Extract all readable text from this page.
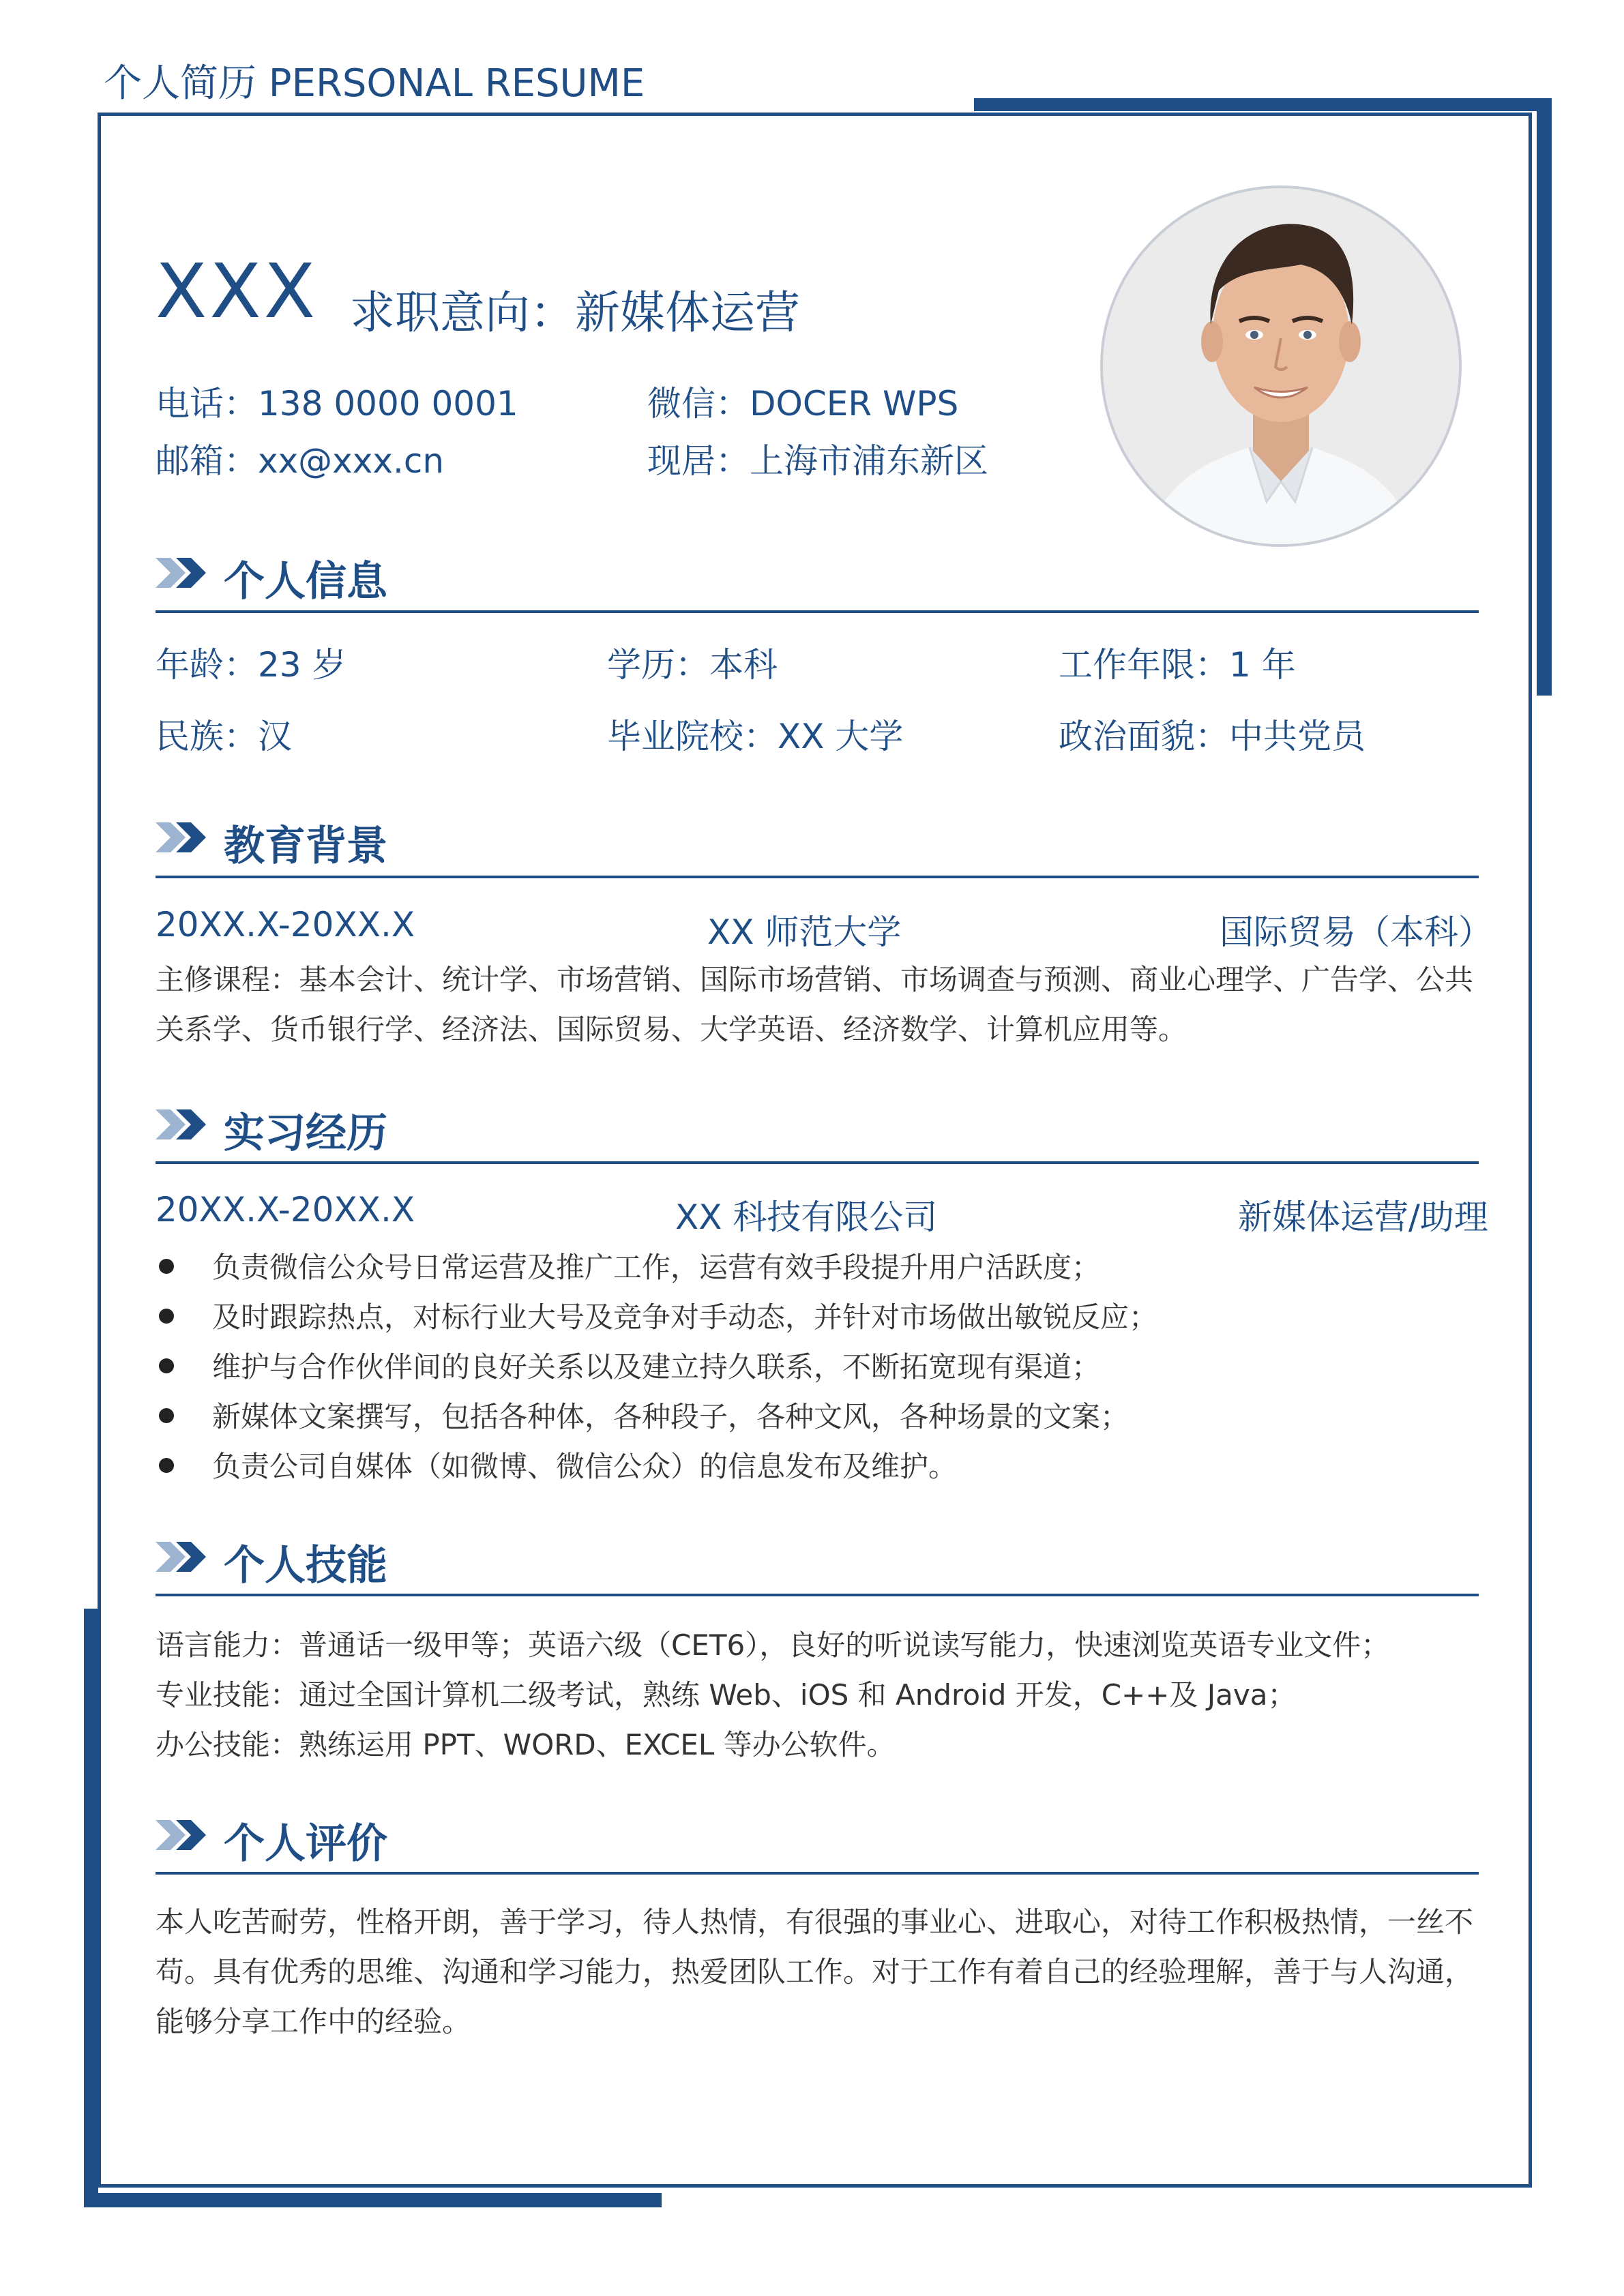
个人简历 PERSONAL RESUME
XXX 求职意向：新媒体运营
电话：138 0000 0001	微信：DOCER WPS
邮箱：xx@xxx.cn	现居：上海市浦东新区
个人信息
年龄：23 岁	学历：本科	工作年限：1 年
民族：汉	毕业院校：XX 大学	政治面貌：中共党员
教育背景
20XX.X-20XX.X	XX 师范大学	国际贸易（本科）
主修课程：基本会计、统计学、市场营销、国际市场营销、市场调查与预测、商业心理学、广告学、公共关系学、货币银行学、经济法、国际贸易、大学英语、经济数学、计算机应用等。
实习经历
20XX.X-20XX.X	XX 科技有限公司	新媒体运营/助理
负责微信公众号日常运营及推广工作，运营有效手段提升用户活跃度；
及时跟踪热点，对标行业大号及竞争对手动态，并针对市场做出敏锐反应；
维护与合作伙伴间的良好关系以及建立持久联系，不断拓宽现有渠道；
新媒体文案撰写，包括各种体，各种段子，各种文风，各种场景的文案；
负责公司自媒体（如微博、微信公众）的信息发布及维护。
个人技能
语言能力：普通话一级甲等；英语六级（CET6），良好的听说读写能力，快速浏览英语专业文件；
专业技能：通过全国计算机二级考试，熟练 Web、iOS 和 Android 开发，C++及 Java；
办公技能：熟练运用 PPT、WORD、EXCEL 等办公软件。
个人评价
本人吃苦耐劳，性格开朗，善于学习，待人热情，有很强的事业心、进取心，对待工作积极热情，一丝不苟。具有优秀的思维、沟通和学习能力，热爱团队工作。对于工作有着自己的经验理解，善于与人沟通，能够分享工作中的经验。
